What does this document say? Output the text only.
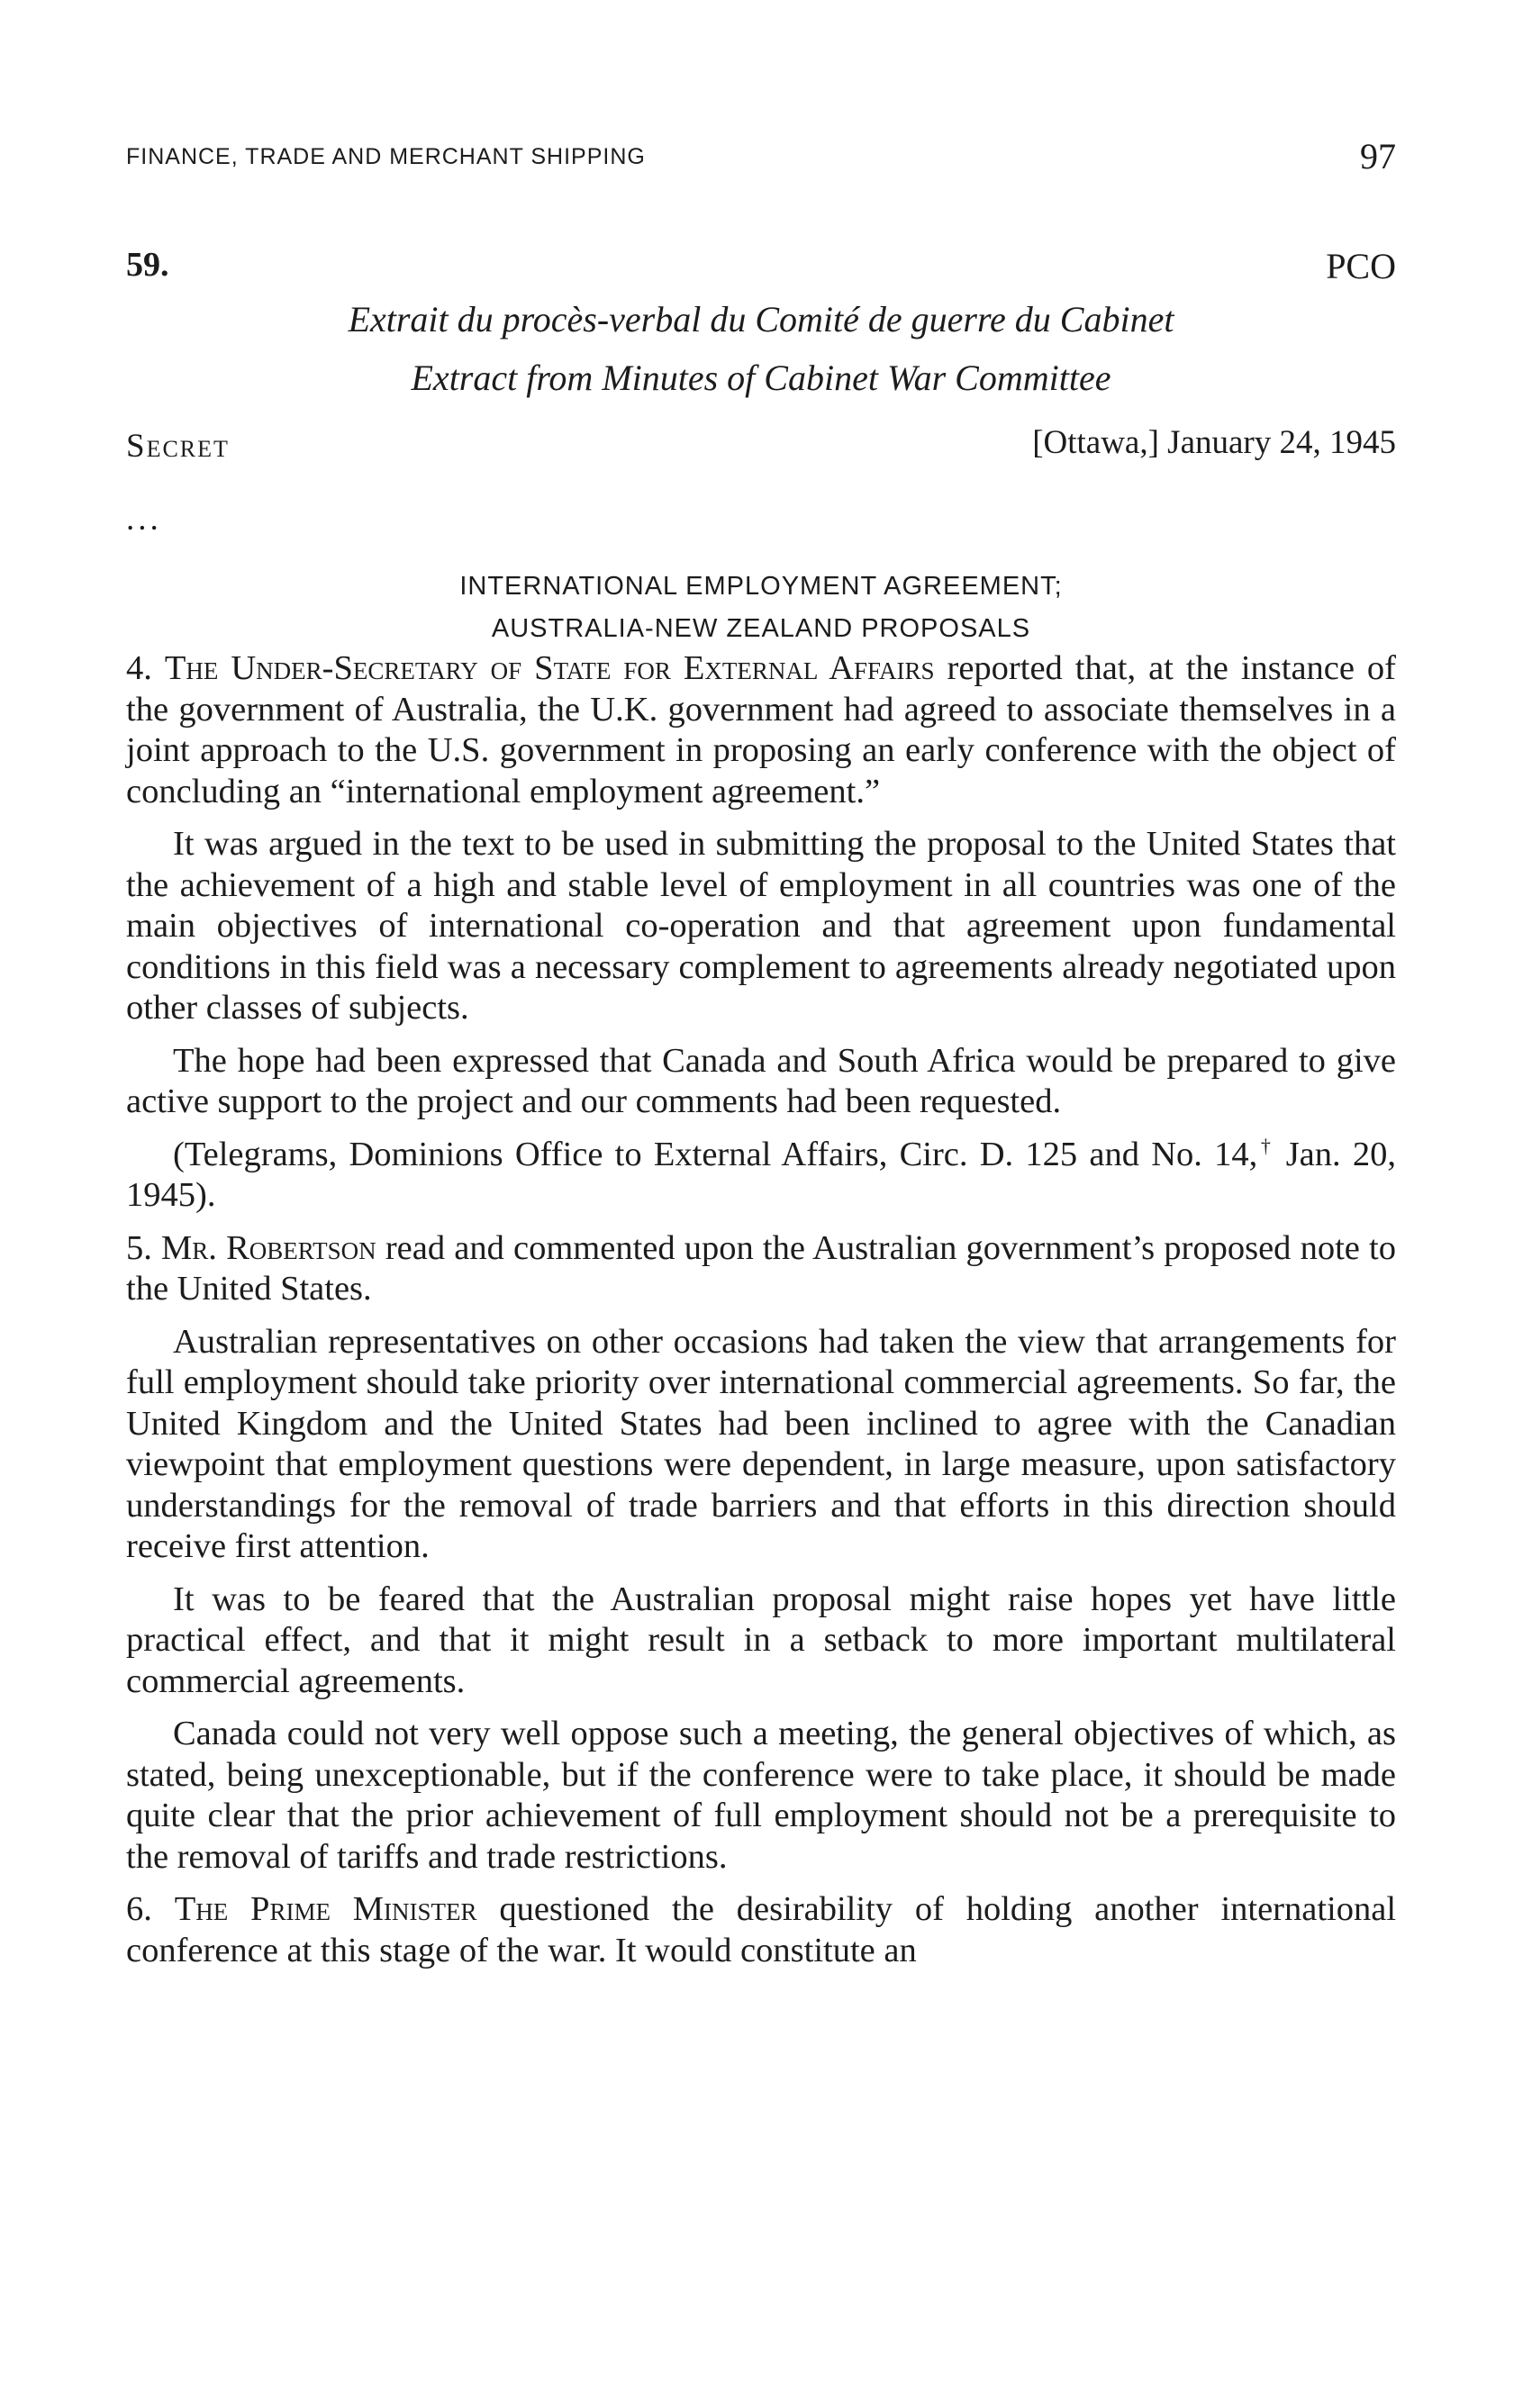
FINANCE, TRADE AND MERCHANT SHIPPING	97
59.	PCO
Extrait du procès-verbal du Comité de guerre du Cabinet
Extract from Minutes of Cabinet War Committee
Secret	[Ottawa,] January 24, 1945
...
INTERNATIONAL EMPLOYMENT AGREEMENT;
AUSTRALIA-NEW ZEALAND PROPOSALS

4. The Under-Secretary of State for External Affairs reported that, at the instance of the government of Australia, the U.K. government had agreed to associate themselves in a joint approach to the U.S. government in proposing an early conference with the object of concluding an “international employment agreement.”

It was argued in the text to be used in submitting the proposal to the United States that the achievement of a high and stable level of employment in all countries was one of the main objectives of international co-operation and that agreement upon fundamental conditions in this field was a necessary complement to agreements already negotiated upon other classes of subjects.

The hope had been expressed that Canada and South Africa would be prepared to give active support to the project and our comments had been requested.

(Telegrams, Dominions Office to External Affairs, Circ. D. 125 and No. 14,† Jan. 20, 1945).

5. Mr. Robertson read and commented upon the Australian government’s proposed note to the United States.

Australian representatives on other occasions had taken the view that arrangements for full employment should take priority over international commercial agreements. So far, the United Kingdom and the United States had been inclined to agree with the Canadian viewpoint that employment questions were dependent, in large measure, upon satisfactory understandings for the removal of trade barriers and that efforts in this direction should receive first attention.

It was to be feared that the Australian proposal might raise hopes yet have little practical effect, and that it might result in a setback to more important multilateral commercial agreements.

Canada could not very well oppose such a meeting, the general objectives of which, as stated, being unexceptionable, but if the conference were to take place, it should be made quite clear that the prior achievement of full employment should not be a prerequisite to the removal of tariffs and trade restrictions.

6. The Prime Minister questioned the desirability of holding another international conference at this stage of the war. It would constitute an
